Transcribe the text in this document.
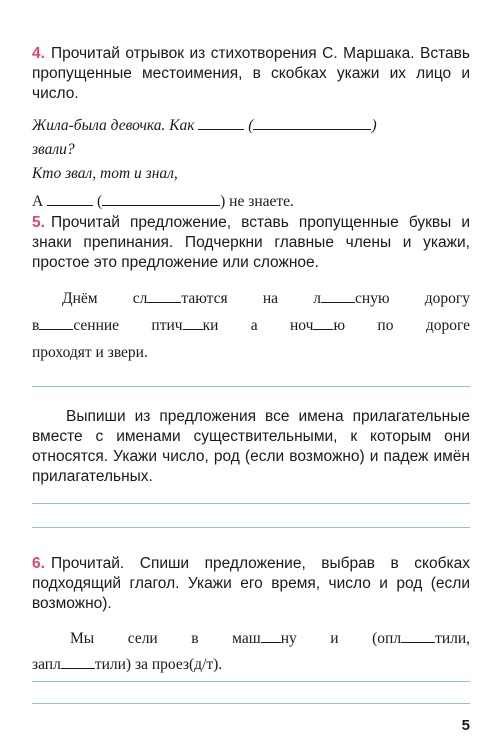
4. Прочитай отрывок из стихотворения С. Маршака. Вставь пропущенные местоимения, в скобках укажи их лицо и число.
Жила-была девочка. Как	(	)
звали?
Кто звал, тот и знал,
А	(	) не знаете.
5. Прочитай предложение, вставь пропущенные буквы и знаки препинания. Подчеркни главные члены и укажи, простое это предложение или сложное.
Днём сл таются на л сную дорогу
в сенние птич ки а ноч ю по дороге
проходят и звери.
Выпиши из предложения все имена прилагательные вместе с именами существительными, к которым они относятся. Укажи число, род (если возможно) и падеж имён прилагательных.
6. Прочитай. Спиши предложение, выбрав в скобках подходящий глагол. Укажи его время, число и род (если возможно).
Мы сели в маш ну и (опл тили,
запл тили) за проез(д/т).
5
